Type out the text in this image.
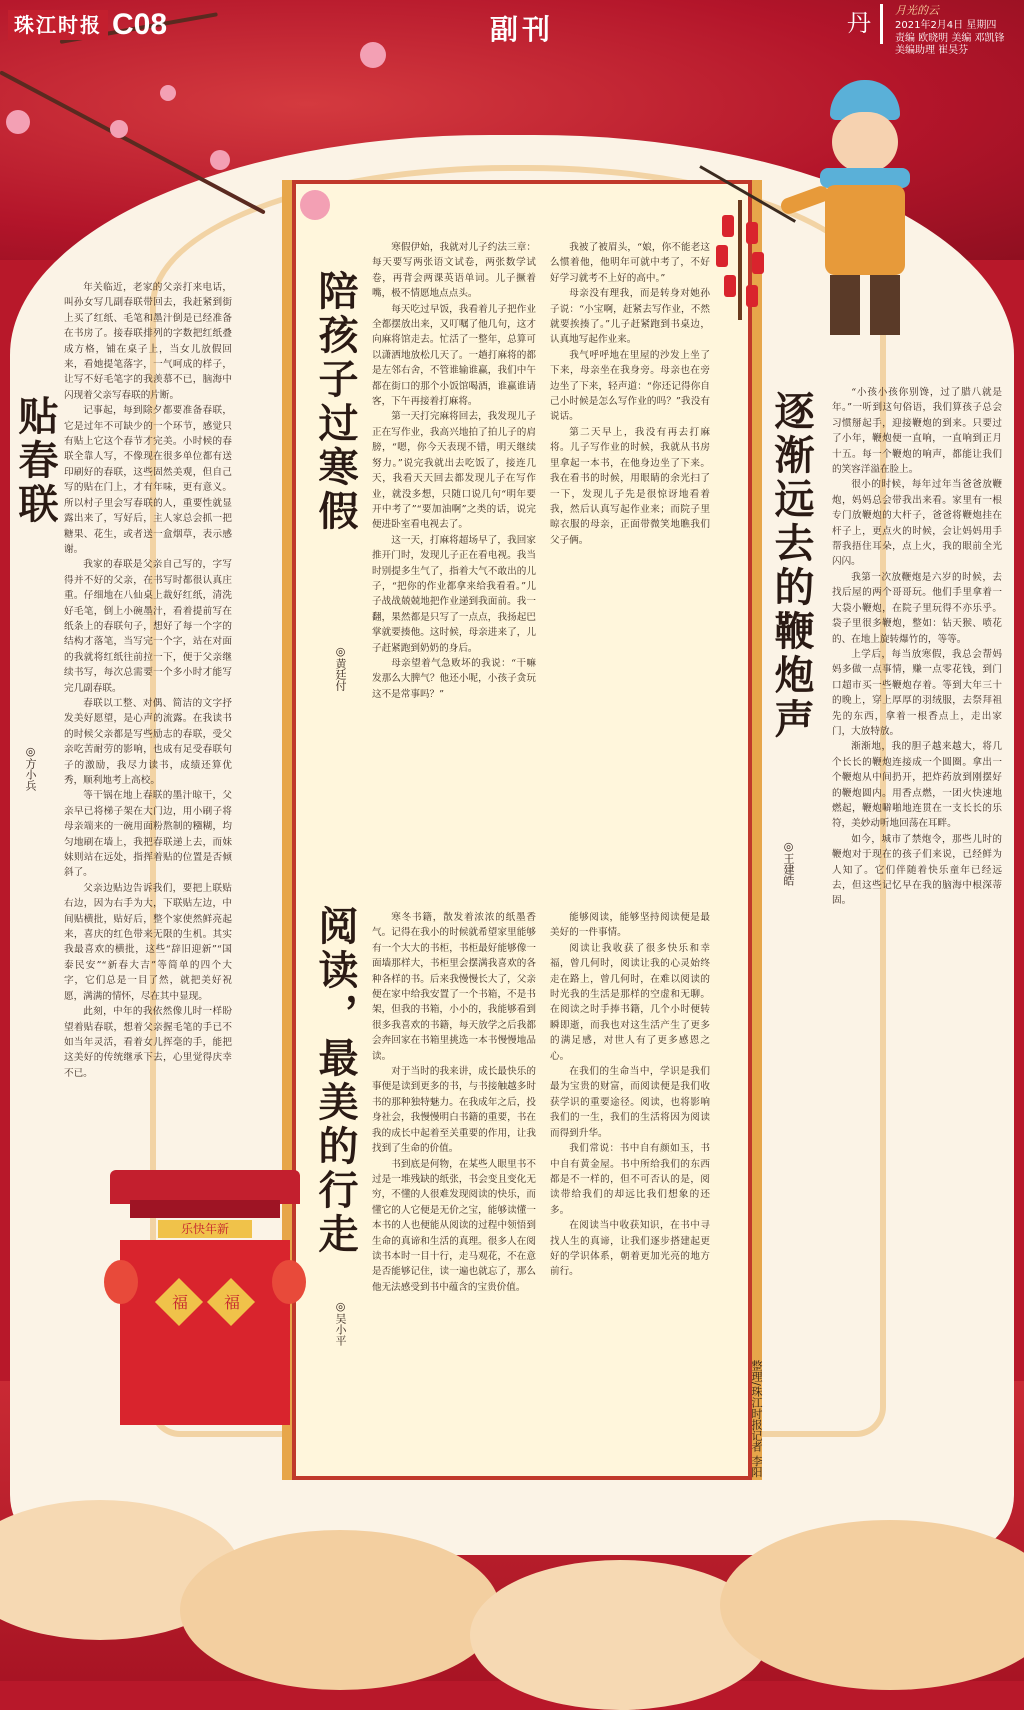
珠江时报 C08	副刊	丹 月光的云
2021年2月4日 星期四
责编 欧晓明 美编 邓凯锋
美编助理 崔昊芬
乐快年新
福 福
贴春联
◎方小兵

年关临近，老家的父亲打来电话，叫孙女写几副春联带回去，我赶紧到街上买了红纸、毛笔和墨汁倒是已经准备在书房了。接春联排列的字数把红纸叠成方格，铺在桌子上，当女儿放假回来，看她提笔落字，一气呵成的样子，让写不好毛笔字的我羡慕不已，脑海中闪现着父亲写春联的片断。

记事起，每到除夕都要准备春联，它是过年不可缺少的一个环节，感觉只有贴上它这个春节才完美。小时候的春联全靠人写，不像现在很多单位都有送印刷好的春联，这些固然美观，但自己写的贴在门上，才有年味，更有意义。所以村子里会写春联的人，重要性就显露出来了，写好后，主人家总会抓一把糖果、花生，或者送一盒烟草，表示感谢。

我家的春联是父亲自己写的，字写得并不好的父亲，在书写时都很认真庄重。仔细地在八仙桌上裁好红纸，清洗好毛笔，倒上小碗墨汁，看着提前写在纸条上的春联句子，想好了每一个字的结构才落笔，当写完一个字，站在对面的我就将红纸往前拉一下，便于父亲继续书写，每次总需要一个多小时才能写完几副春联。

春联以工整、对偶、简洁的文字抒发美好愿望，是心声的流露。在我读书的时候父亲都是写些励志的春联，受父亲吃苦耐劳的影响，也成有足受春联句子的激励，我尽力读书，成绩还算优秀，顺利地考上高校。

等干锅在地上春联的墨汁晾干，父亲早已将梯子架在大门边，用小刷子将母亲端来的一碗用面粉熬制的糨糊，均匀地刷在墙上，我把春联递上去，而妹妹则站在远处，指挥着贴的位置是否倾斜了。

父亲边贴边告诉我们，要把上联贴右边，因为右手为大，下联贴左边，中间贴横批，贴好后，整个家使然鲜亮起来，喜庆的红色带来无限的生机。其实我最喜欢的横批，这些“辞旧迎新”“国泰民安”“新春大吉”等简单的四个大字，它们总是一目了然，就把美好祝愿，满满的情怀，尽在其中显现。

此刻，中年的我依然像儿时一样盼望着贴春联，想着父亲握毛笔的手已不如当年灵活，看着女儿挥毫的手，能把这美好的传统继承下去，心里觉得庆幸不已。

陪孩子过寒假
◎黄廷付

寒假伊始，我就对儿子约法三章：每天要写两张语文试卷，两张数学试卷，再背会两课英语单词。儿子撅着嘴，极不情愿地点点头。

每天吃过早饭，我看着儿子把作业全都摆放出来，又叮嘱了他几句，这才向麻将馆走去。忙活了一整年，总算可以潇洒地放松几天了。一趟打麻将的都是左邻右舍，不管谁输谁赢，我们中午都在街口的那个小饭馆喝酒，谁赢谁请客，下午再接着打麻将。

第一天打完麻将回去，我发现儿子正在写作业，我高兴地拍了拍儿子的肩膀，“嗯，你今天表现不错，明天继续努力。”说完我就出去吃饭了，接连几天，我看天天回去都发现儿子在写作业，就没多想，只随口说几句“明年要开中考了”“要加油啊”之类的话，说完便进卧室看电视去了。

这一天，打麻将超场早了，我回家推开门时，发现儿子正在看电视。我当时别提多生气了，指着大气不敢出的儿子，“把你的作业都拿来给我看看。”儿子战战兢兢地把作业递到我面前。我一翻，果然都是只写了一点点，我扬起巴掌就要揍他。这时候，母亲进来了，儿子赶紧跑到奶奶的身后。

母亲望着气急败坏的我说：“干嘛发那么大脾气？他还小呢，小孩子贪玩这不是常事吗？”

我被了被眉头，“娘，你不能老这么惯着他，他明年可就中考了，不好好学习就考不上好的高中。”

母亲没有理我，而是转身对她孙子说：“小宝啊，赶紧去写作业，不然就要挨揍了。”儿子赶紧跑到书桌边，认真地写起作业来。

我气呼呼地在里屋的沙发上坐了下来，母亲坐在我身旁。母亲也在旁边坐了下来，轻声道：“你还记得你自己小时候是怎么写作业的吗？”我没有说话。

第二天早上，我没有再去打麻将。儿子写作业的时候，我就从书房里拿起一本书，在他身边坐了下来。我在看书的时候，用眼睛的余光扫了一下，发现儿子先是很惊讶地看着我，然后认真写起作业来；而院子里晾衣服的母亲，正面带微笑地瞧我们父子俩。

阅读，最美的行走
◎吴小平

寒冬书籍，散发着浓浓的纸墨香气。记得在我小的时候就希望家里能够有一个大大的书柜，书柜最好能够像一面墙那样大，书柜里会摆满我喜欢的各种各样的书。后来我慢慢长大了，父亲便在家中给我安置了一个书箱，不是书架，但我的书箱，小小的，我能够看到很多我喜欢的书籍，每天放学之后我都会奔回家在书箱里挑选一本书慢慢地品读。

对于当时的我来讲，成长最快乐的事便是读到更多的书，与书接触越多时书的那种独特魅力。在我成年之后，投身社会，我慢慢明白书籍的重要，书在我的成长中起着至关重要的作用，让我找到了生命的价值。

书到底是何物，在某些人眼里书不过是一堆残缺的纸张，书会变且变化无穷，不懂的人很难发现阅读的快乐，而懂它的人它便是无价之宝，能够读懂一本书的人也便能从阅读的过程中领悟到生命的真谛和生活的真理。很多人在阅读书本时一目十行，走马观花，不在意是否能够记住，读一遍也就忘了，那么他无法感受到书中蕴含的宝贵价值。

能够阅读，能够坚持阅读便是最美好的一件事情。

阅读让我收获了很多快乐和幸福，曾几何时，阅读让我的心灵始终走在路上，曾几何时，在难以阅读的时光我的生活是那样的空虚和无聊。在阅读之时手捧书籍，几个小时便转瞬即逝，而我也对这生活产生了更多的满足感，对世人有了更多感恩之心。

在我们的生命当中，学识是我们最为宝贵的财富，而阅读便是我们收获学识的重要途径。阅读，也将影响我们的一生，我们的生活将因为阅读而得到升华。

我们常说：书中自有颜如玉，书中自有黄金屋。书中所给我们的东西都是不一样的，但不可否认的是，阅读带给我们的却远比我们想象的还多。

在阅读当中收获知识，在书中寻找人生的真谛，让我们逐步搭建起更好的学识体系，朝着更加光亮的地方前行。

逐渐远去的鞭炮声
◎王建皓

“小孩小孩你别馋，过了腊八就是年。”一听到这句俗语，我们算孩子总会习惯掰起手，迎接鞭炮的到来。只要过了小年，鞭炮便一直响，一直响到正月十五。每一个鞭炮的响声，都能让我们的笑容洋溢在脸上。

很小的时候，每年过年当爸爸放鞭炮，妈妈总会带我出来看。家里有一根专门放鞭炮的大杆子，爸爸将鞭炮挂在杆子上，更点火的时候，会让妈妈用手帮我捂住耳朵，点上火，我的眼前全光闪闪。

我第一次放鞭炮是六岁的时候，去找后屋的两个哥哥玩。他们手里拿着一大袋小鞭炮，在院子里玩得不亦乐乎。袋子里很多鞭炮，整如：钻天猴、喷花的、在地上旋转爆竹的，等等。

上学后，每当放寒假，我总会帮妈妈多做一点事情，赚一点零花钱，到门口超市买一些鞭炮存着。等到大年三十的晚上，穿上厚厚的羽绒服，去祭拜祖先的东西，拿着一根香点上，走出家门，大放特放。

渐渐地，我的胆子越来越大，将几个长长的鞭炮连接成一个圆圈。拿出一个鞭炮从中间扔开，把炸药放到刚摆好的鞭炮圆内。用香点燃，一团火快速地燃起，鞭炮噼啪地连贯在一支长长的乐符，美妙动听地回荡在耳畔。

如今，城市了禁炮令，那些儿时的鞭炮对于现在的孩子们来说，已经鲜为人知了。它们伴随着快乐童年已经远去，但这些记忆早在我的脑海中根深蒂固。

整理/珠江时报记者 李阳
